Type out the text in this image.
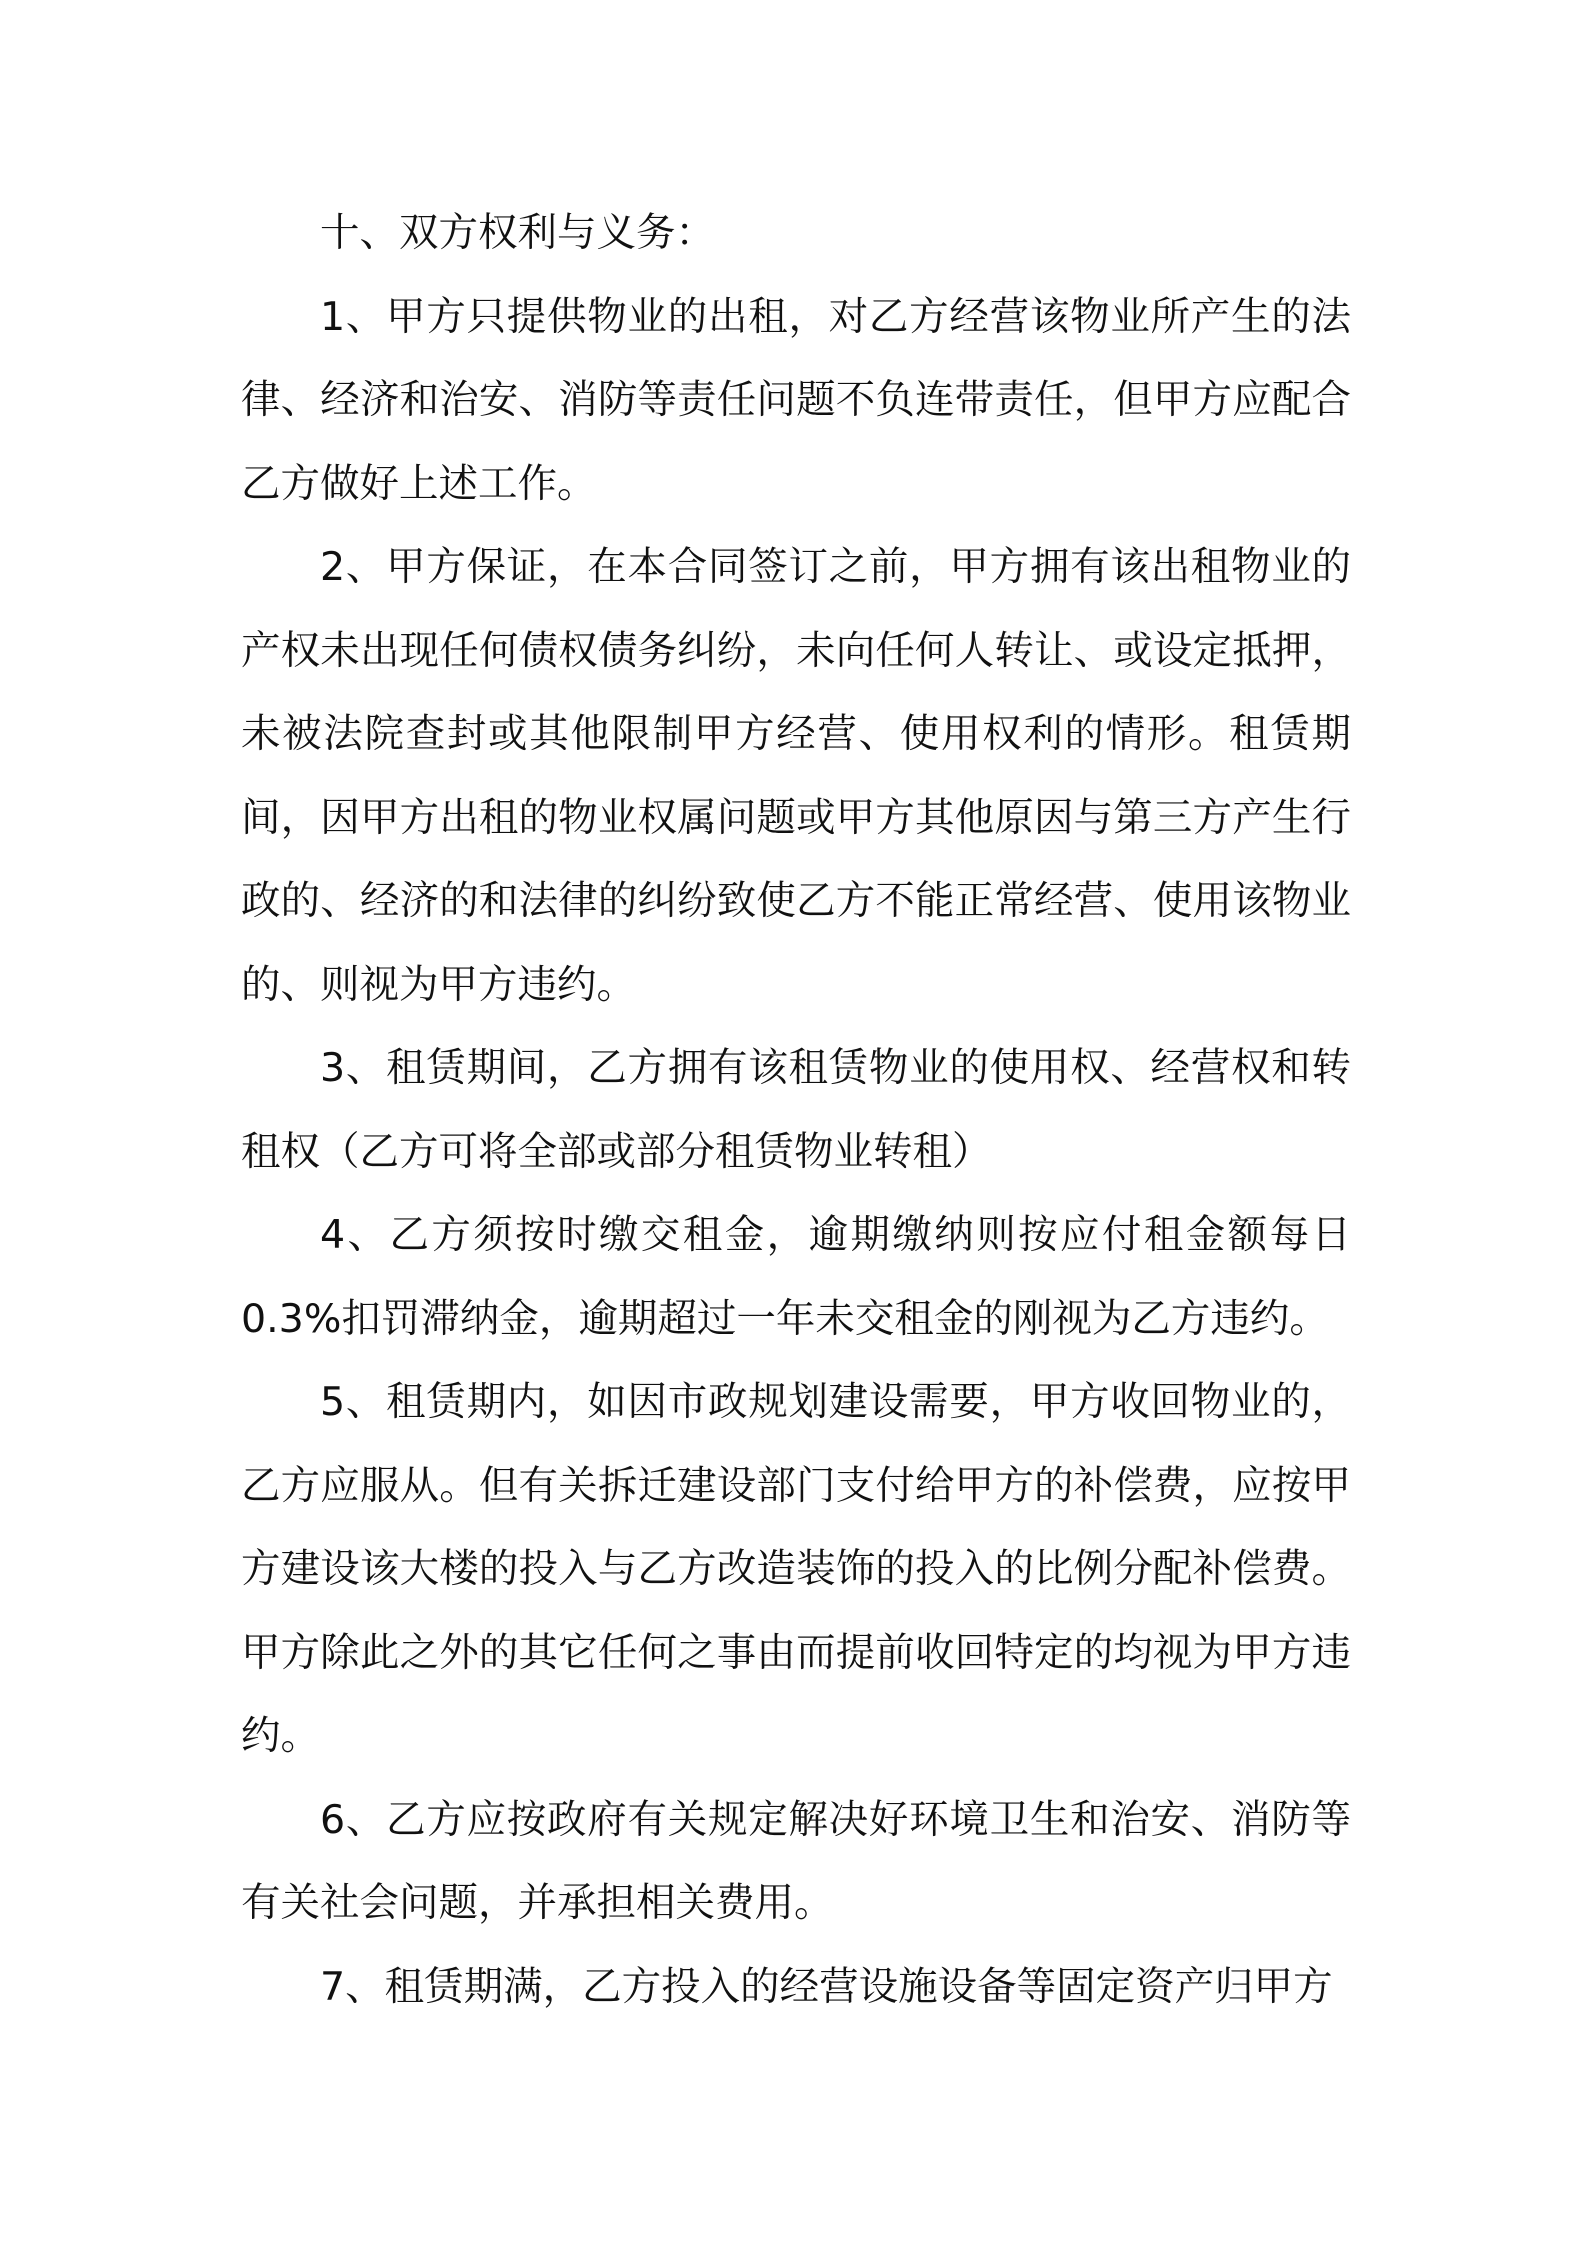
十、双方权利与义务：

1、甲方只提供物业的出租，对乙方经营该物业所产生的法律、经济和治安、消防等责任问题不负连带责任，但甲方应配合乙方做好上述工作。

2、甲方保证，在本合同签订之前，甲方拥有该出租物业的产权未出现任何债权债务纠纷，未向任何人转让、或设定抵押，未被法院查封或其他限制甲方经营、使用权利的情形。租赁期间，因甲方出租的物业权属问题或甲方其他原因与第三方产生行政的、经济的和法律的纠纷致使乙方不能正常经营、使用该物业的、则视为甲方违约。

3、租赁期间，乙方拥有该租赁物业的使用权、经营权和转租权（乙方可将全部或部分租赁物业转租）

4、乙方须按时缴交租金，逾期缴纳则按应付租金额每日0.3%扣罚滞纳金，逾期超过一年未交租金的刚视为乙方违约。

5、租赁期内，如因市政规划建设需要，甲方收回物业的，乙方应服从。但有关拆迁建设部门支付给甲方的补偿费，应按甲方建设该大楼的投入与乙方改造装饰的投入的比例分配补偿费。甲方除此之外的其它任何之事由而提前收回特定的均视为甲方违约。

6、乙方应按政府有关规定解决好环境卫生和治安、消防等有关社会问题，并承担相关费用。

7、租赁期满，乙方投入的经营设施设备等固定资产归甲方
